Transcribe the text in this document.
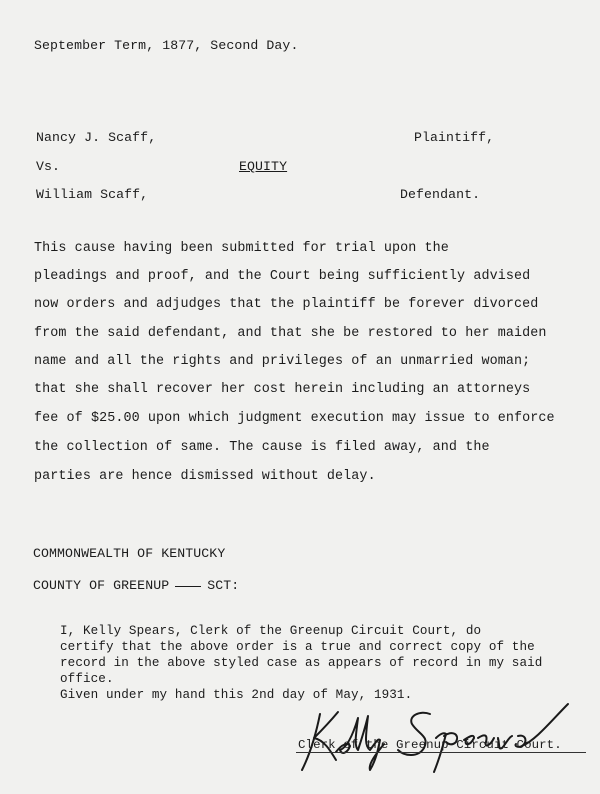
September Term, 1877, Second Day.
Nancy J. Scaff,	Plaintiff,
Vs.	EQUITY
William Scaff,	Defendant.
This cause having been submitted for trial upon the
pleadings and proof, and the Court being sufficiently advised
now orders and adjudges that the plaintiff be forever divorced
from the said defendant, and that she be restored to her maiden
name and all the rights and privileges of an unmarried woman;
that she shall recover her cost herein including an attorneys
fee of $25.00 upon which judgment execution may issue to enforce
the collection of same. The cause is filed away, and the
parties are hence dismissed without delay.
COMMONWEALTH OF KENTUCKY
COUNTY OF GREENUP	SCT:
I, Kelly Spears, Clerk of the Greenup Circuit Court, do
certify that the above order is a true and correct copy of the
record in the above styled case as appears of record in my said
office.
Given under my hand this 2nd day of May, 1931.
Clerk of the Greenup Circuit Court.
